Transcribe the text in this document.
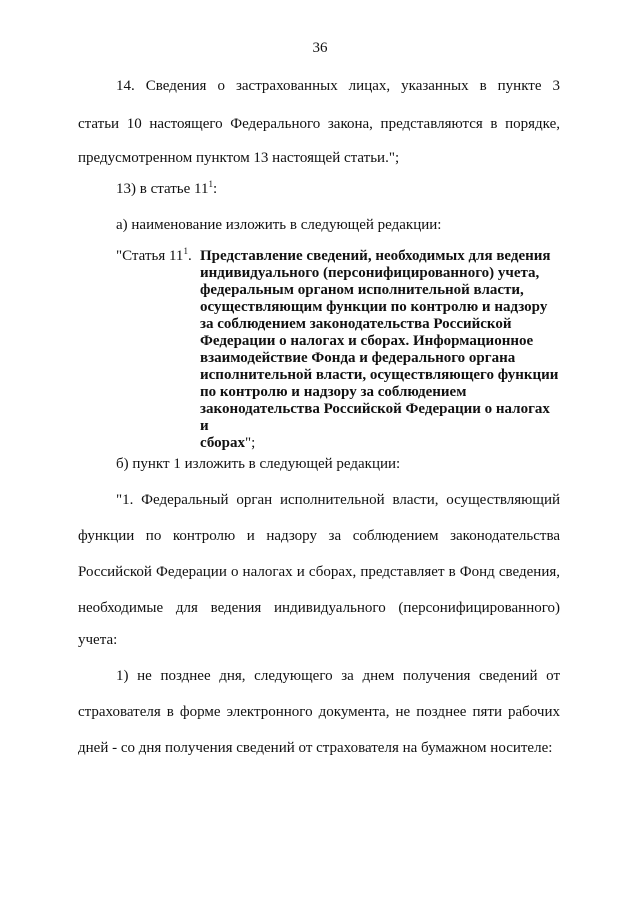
36
14. Сведения о застрахованных лицах, указанных в пункте 3
статьи 10 настоящего Федерального закона, представляются в порядке,
предусмотренном пунктом 13 настоящей статьи.";
13) в статье $11^1$:
а) наименование изложить в следующей редакции:
"Статья $11^1$. Представление сведений, необходимых для ведения
индивидуального (персонифицированного) учета,
федеральным органом исполнительной власти,
осуществляющим функции по контролю и надзору
за соблюдением законодательства Российской
Федерации о налогах и сборах. Информационное
взаимодействие Фонда и федерального органа
исполнительной власти, осуществляющего функции
по контролю и надзору за соблюдением
законодательства Российской Федерации о налогах и
сборах";
б) пункт 1 изложить в следующей редакции:
"1. Федеральный орган исполнительной власти, осуществляющий
функции по контролю и надзору за соблюдением законодательства
Российской Федерации о налогах и сборах, представляет в Фонд сведения,
необходимые для ведения индивидуального (персонифицированного)
учета:
1) не позднее дня, следующего за днем получения сведений от
страхователя в форме электронного документа, не позднее пяти рабочих
дней - со дня получения сведений от страхователя на бумажном носителе:
